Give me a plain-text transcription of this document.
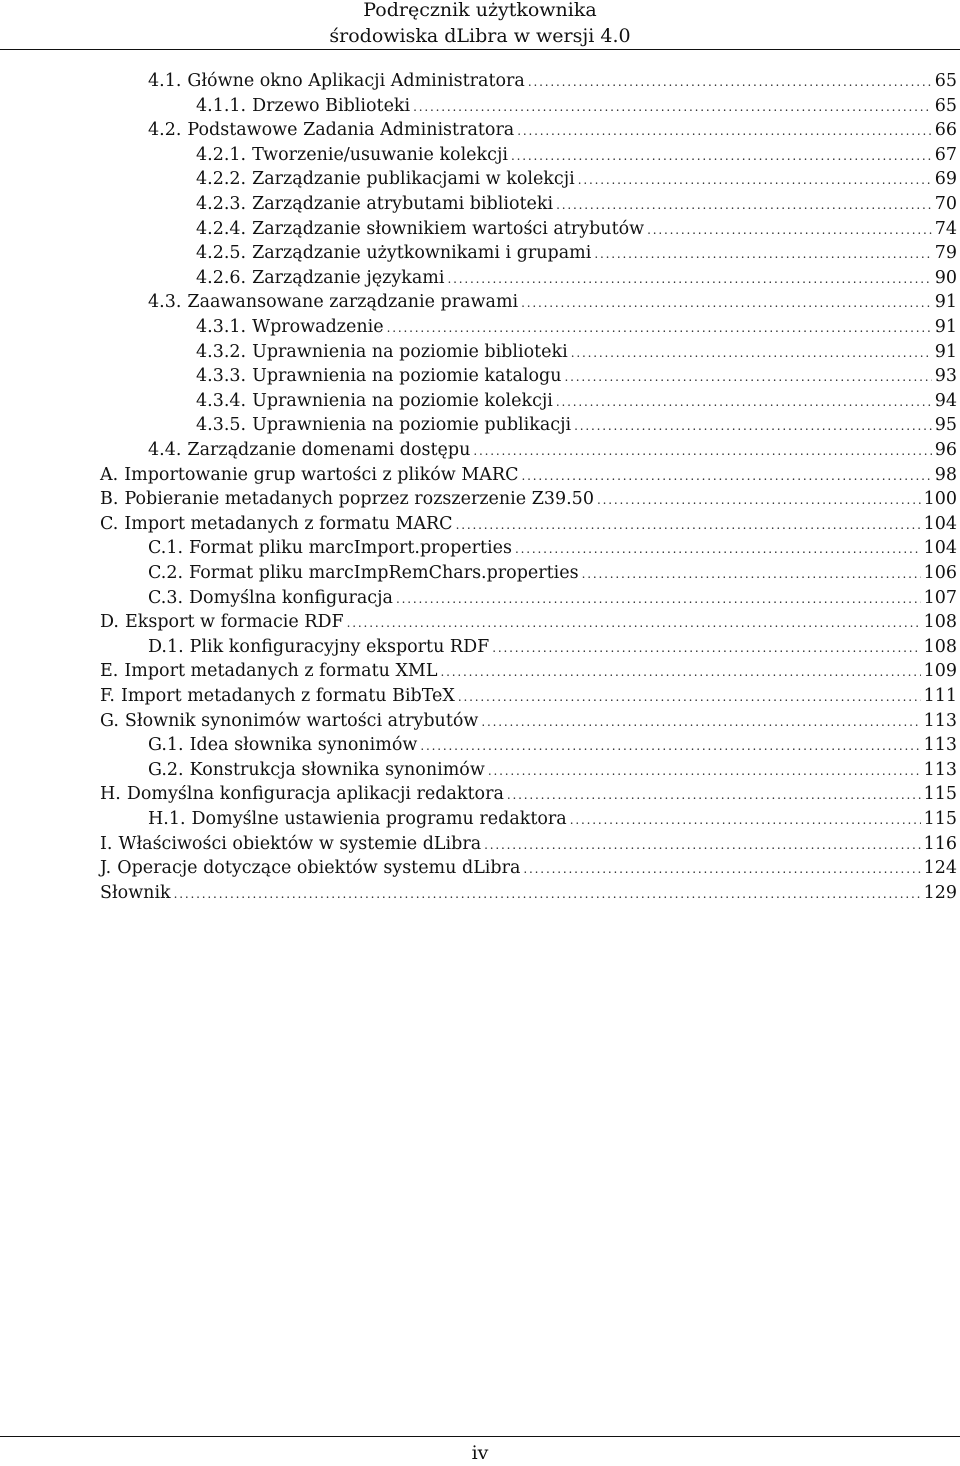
Podręcznik użytkownika
środowiska dLibra w wersji 4.0
4.1. Główne okno Aplikacji Administratora . . .	65
4.1.1. Drzewo Biblioteki . . .	65
4.2. Podstawowe Zadania Administratora . . .	66
4.2.1. Tworzenie/usuwanie kolekcji . . .	67
4.2.2. Zarządzanie publikacjami w kolekcji . . .	69
4.2.3. Zarządzanie atrybutami biblioteki . . .	70
4.2.4. Zarządzanie słownikiem wartości atrybutów . . .	74
4.2.5. Zarządzanie użytkownikami i grupami . . .	79
4.2.6. Zarządzanie językami . . .	90
4.3. Zaawansowane zarządzanie prawami . . .	91
4.3.1. Wprowadzenie . . .	91
4.3.2. Uprawnienia na poziomie biblioteki . . .	91
4.3.3. Uprawnienia na poziomie katalogu . . .	93
4.3.4. Uprawnienia na poziomie kolekcji . . .	94
4.3.5. Uprawnienia na poziomie publikacji . . .	95
4.4. Zarządzanie domenami dostępu . . .	96
A. Importowanie grup wartości z plików MARC . . .	98
B. Pobieranie metadanych poprzez rozszerzenie Z39.50 . . .	100
C. Import metadanych z formatu MARC . . .	104
C.1. Format pliku marcImport.properties . . .	104
C.2. Format pliku marcImpRemChars.properties . . .	106
C.3. Domyślna konfiguracja . . .	107
D. Eksport w formacie RDF . . .	108
D.1. Plik konfiguracyjny eksportu RDF . . .	108
E. Import metadanych z formatu XML . . .	109
F. Import metadanych z formatu BibTeX . . .	111
G. Słownik synonimów wartości atrybutów . . .	113
G.1. Idea słownika synonimów . . .	113
G.2. Konstrukcja słownika synonimów . . .	113
H. Domyślna konfiguracja aplikacji redaktora . . .	115
H.1. Domyślne ustawienia programu redaktora . . .	115
I. Właściwości obiektów w systemie dLibra . . .	116
J. Operacje dotyczące obiektów systemu dLibra . . .	124
Słownik . . .	129
iv
